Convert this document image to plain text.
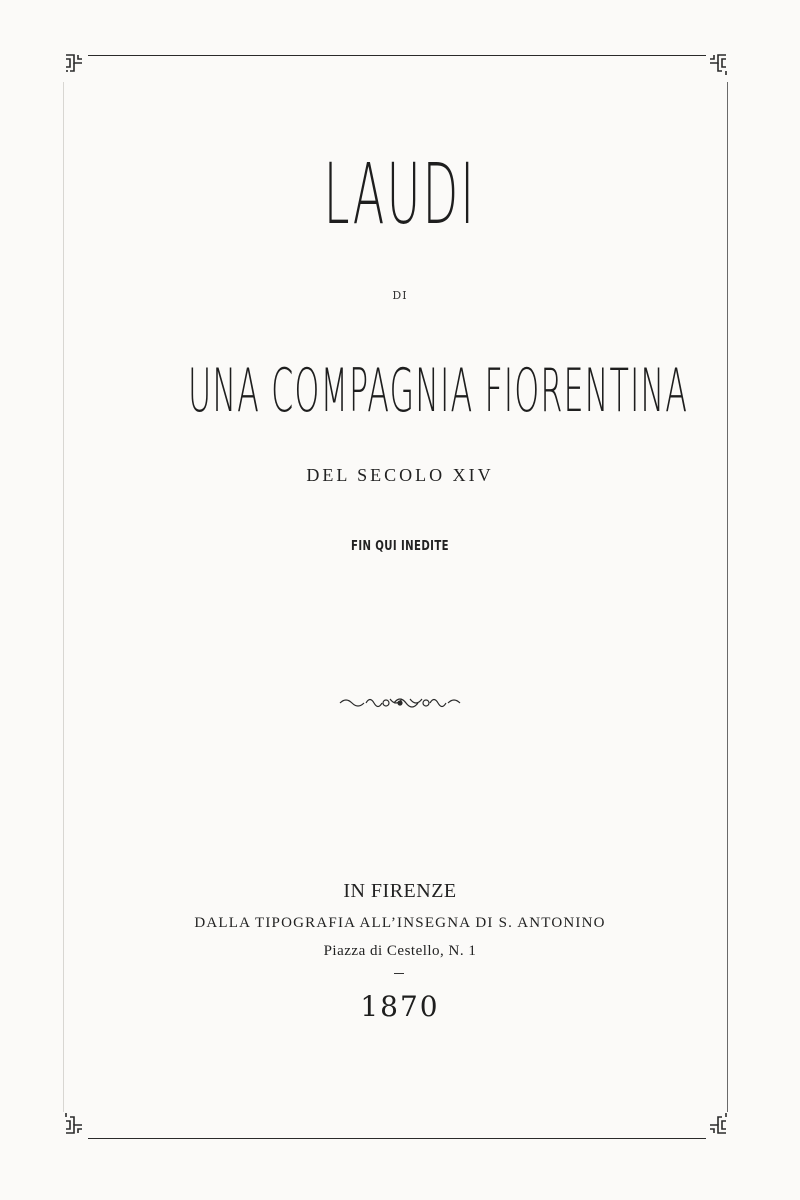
LAUDI
DI
UNA COMPAGNIA FIORENTINA
DEL SECOLO XIV
FIN QUI INEDITE
IN FIRENZE
DALLA TIPOGRAFIA ALL’INSEGNA DI S. ANTONINO
Piazza di Cestello, N. 1
1870
